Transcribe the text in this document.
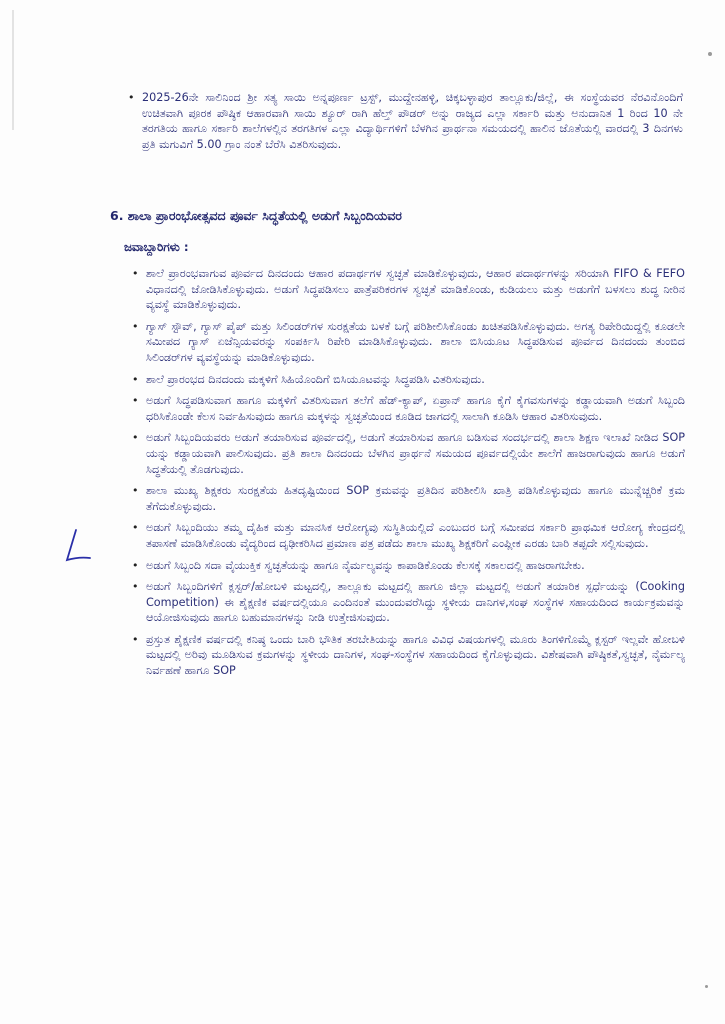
• 2025-26ನೇ ಸಾಲಿನಿಂದ ಶ್ರೀ ಸತ್ಯ ಸಾಯಿ ಅನ್ನಪೂರ್ಣ ಟ್ರಸ್ಟ್, ಮುದ್ದೇನಹಳ್ಳಿ, ಚಿಕ್ಕಬಳ್ಳಾಪುರ ತಾಲ್ಲೂಕು/ಜಿಲ್ಲೆ, ಈ ಸಂಸ್ಥೆಯವರ ನೆರವಿನೊಂದಿಗೆ ಉಚಿತವಾಗಿ ಪೂರಕ ಪೌಷ್ಠಿಕ ಆಹಾರವಾಗಿ ಸಾಯಿ ಶ್ಯೂರ್ ರಾಗಿ ಹೆಲ್ತ್ ಪೌಡರ್ ಅನ್ನು ರಾಜ್ಯದ ಎಲ್ಲಾ ಸರ್ಕಾರಿ ಮತ್ತು ಅನುದಾನಿತ 1 ರಿಂದ 10 ನೇ ತರಗತಿಯ ಹಾಗೂ ಸರ್ಕಾರಿ ಶಾಲೆಗಳಲ್ಲಿನ ತರಗತಿಗಳ ಎಲ್ಲಾ ವಿದ್ಯಾರ್ಥಿಗಳಿಗೆ ಬೆಳಗಿನ ಪ್ರಾರ್ಥನಾ ಸಮಯದಲ್ಲಿ ಹಾಲಿನ ಜೊತೆಯಲ್ಲಿ ವಾರದಲ್ಲಿ 3 ದಿನಗಳು ಪ್ರತಿ ಮಗುವಿಗೆ 5.00 ಗ್ರಾಂ ನಂತೆ ಬೆರೆಸಿ ವಿತರಿಸುವುದು.
6. ಶಾಲಾ ಪ್ರಾರಂಭೋತ್ಸವದ ಪೂರ್ವ ಸಿದ್ಧತೆಯಲ್ಲಿ ಅಡುಗೆ ಸಿಬ್ಬಂದಿಯವರ
ಜವಾಬ್ದಾರಿಗಳು :
• ಶಾಲೆ ಪ್ರಾರಂಭವಾಗುವ ಪೂರ್ವದ ದಿನದಂದು ಆಹಾರ ಪದಾರ್ಥಗಳ ಸ್ವಚ್ಛತೆ ಮಾಡಿಕೊಳ್ಳುವುದು, ಆಹಾರ ಪದಾರ್ಥಗಳನ್ನು ಸರಿಯಾಗಿ FIFO & FEFO ವಿಧಾನದಲ್ಲಿ ಜೋಡಿಸಿಕೊಳ್ಳುವುದು. ಅಡುಗೆ ಸಿದ್ಧಪಡಿಸಲು ಪಾತ್ರೆಪರಿಕರಗಳ ಸ್ವಚ್ಛತೆ ಮಾಡಿಕೊಂಡು, ಕುಡಿಯಲು ಮತ್ತು ಅಡುಗೆಗೆ ಬಳಸಲು ಶುದ್ಧ ನೀರಿನ ವ್ಯವಸ್ಥೆ ಮಾಡಿಕೊಳ್ಳುವುದು.
• ಗ್ಯಾಸ್ ಸ್ಟೌವ್, ಗ್ಯಾಸ್ ಪೈಪ್ ಮತ್ತು ಸಿಲಿಂಡರ್‌ಗಳ ಸುರಕ್ಷತೆಯ ಬಳಕೆ ಬಗ್ಗೆ ಪರಿಶೀಲಿಸಿಕೊಂಡು ಖಚಿತಪಡಿಸಿಕೊಳ್ಳುವುದು. ಅಗತ್ಯ ರಿಪೇರಿಯಿದ್ದಲ್ಲಿ ಕೂಡಲೇ ಸಮೀಪದ ಗ್ಯಾಸ್ ಏಜೆನ್ಸಿಯವರನ್ನು ಸಂಪರ್ಕಿಸಿ ರಿಪೇರಿ ಮಾಡಿಸಿಕೊಳ್ಳುವುದು. ಶಾಲಾ ಬಿಸಿಯೂಟ ಸಿದ್ಧಪಡಿಸುವ ಪೂರ್ವದ ದಿನದಂದು ತುಂಬಿದ ಸಿಲಿಂಡರ್‌ಗಳ ವ್ಯವಸ್ಥೆಯನ್ನು ಮಾಡಿಕೊಳ್ಳುವುದು.
• ಶಾಲೆ ಪ್ರಾರಂಭದ ದಿನದಂದು ಮಕ್ಕಳಿಗೆ ಸಿಹಿಯೊಂದಿಗೆ ಬಿಸಿಯೂಟವನ್ನು ಸಿದ್ಧಪಡಿಸಿ ವಿತರಿಸುವುದು.
• ಅಡುಗೆ ಸಿದ್ಧಪಡಿಸುವಾಗ ಹಾಗೂ ಮಕ್ಕಳಿಗೆ ವಿತರಿಸುವಾಗ ತಲೆಗೆ ಹೆಡ್-ಕ್ಯಾಪ್, ಏಪ್ರಾನ್ ಹಾಗೂ ಕೈಗೆ ಕೈಗವಸುಗಳನ್ನು ಕಡ್ಡಾಯವಾಗಿ ಅಡುಗೆ ಸಿಬ್ಬಂದಿ ಧರಿಸಿಕೊಂಡೇ ಕೆಲಸ ನಿರ್ವಹಿಸುವುದು ಹಾಗೂ ಮಕ್ಕಳನ್ನು ಸ್ವಚ್ಛತೆಯಿಂದ ಕೂಡಿದ ಜಾಗದಲ್ಲಿ ಸಾಲಾಗಿ ಕೂಡಿಸಿ ಆಹಾರ ವಿತರಿಸುವುದು.
• ಅಡುಗೆ ಸಿಬ್ಬಂದಿಯವರು ಅಡುಗೆ ತಯಾರಿಸುವ ಪೂರ್ವದಲ್ಲಿ, ಅಡುಗೆ ತಯಾರಿಸುವ ಹಾಗೂ ಬಡಿಸುವ ಸಂದರ್ಭದಲ್ಲಿ ಶಾಲಾ ಶಿಕ್ಷಣ ಇಲಾಖೆ ನೀಡಿದ SOP ಯನ್ನು ಕಡ್ಡಾಯವಾಗಿ ಪಾಲಿಸುವುದು. ಪ್ರತಿ ಶಾಲಾ ದಿನದಂದು ಬೆಳಗಿನ ಪ್ರಾರ್ಥನೆ ಸಮಯದ ಪೂರ್ವದಲ್ಲಿಯೇ ಶಾಲೆಗೆ ಹಾಜರಾಗುವುದು ಹಾಗೂ ಅಡುಗೆ ಸಿದ್ಧತೆಯಲ್ಲಿ ತೊಡಗುವುದು.
• ಶಾಲಾ ಮುಖ್ಯ ಶಿಕ್ಷಕರು ಸುರಕ್ಷತೆಯ ಹಿತದೃಷ್ಟಿಯಿಂದ SOP ಕ್ರಮವನ್ನು ಪ್ರತಿದಿನ ಪರಿಶೀಲಿಸಿ ಖಾತ್ರಿ ಪಡಿಸಿಕೊಳ್ಳುವುದು ಹಾಗೂ ಮುನ್ನೆಚ್ಚರಿಕೆ ಕ್ರಮ ತೆಗೆದುಕೊಳ್ಳುವುದು.
• ಅಡುಗೆ ಸಿಬ್ಬಂದಿಯು ತಮ್ಮ ದೈಹಿಕ ಮತ್ತು ಮಾನಸಿಕ ಆರೋಗ್ಯವು ಸುಸ್ಥಿತಿಯಲ್ಲಿದೆ ಎಂಬುದರ ಬಗ್ಗೆ ಸಮೀಪದ ಸರ್ಕಾರಿ ಪ್ರಾಥಮಿಕ ಆರೋಗ್ಯ ಕೇಂದ್ರದಲ್ಲಿ ತಪಾಸಣೆ ಮಾಡಿಸಿಕೊಂಡು ವೈದ್ಯರಿಂದ ದೃಢೀಕರಿಸಿದ ಪ್ರಮಾಣ ಪತ್ರ ಪಡೆದು ಶಾಲಾ ಮುಖ್ಯ ಶಿಕ್ಷಕರಿಗೆ ಎಂಪ್ಲೀಕ ಎರಡು ಬಾರಿ ತಪ್ಪದೇ ಸಲ್ಲಿಸುವುದು.
• ಅಡುಗೆ ಸಿಬ್ಬಂದಿ ಸದಾ ವೈಯುಕ್ತಿಕ ಸ್ವಚ್ಛತೆಯನ್ನು ಹಾಗೂ ನೈರ್ಮಲ್ಯವನ್ನು ಕಾಪಾಡಿಕೊಂಡು ಕೆಲಸಕ್ಕೆ ಸಕಾಲದಲ್ಲಿ ಹಾಜರಾಗಬೇಕು.
• ಅಡುಗೆ ಸಿಬ್ಬಂದಿಗಳಿಗೆ ಕ್ಲಸ್ಟರ್/ಹೋಬಳಿ ಮಟ್ಟದಲ್ಲಿ, ತಾಲ್ಲೂಕು ಮಟ್ಟದಲ್ಲಿ ಹಾಗೂ ಜಿಲ್ಲಾ ಮಟ್ಟದಲ್ಲಿ ಅಡುಗೆ ತಯಾರಿಕ ಸ್ಪರ್ಧೆಯನ್ನು (Cooking Competition) ಈ ಶೈಕ್ಷಣಿಕ ವರ್ಷದಲ್ಲಿಯೂ ಎಂದಿನಂತೆ ಮುಂದುವರೆಸಿದ್ದು ಸ್ಥಳೀಯ ದಾನಿಗಳ,ಸಂಘ ಸಂಸ್ಥೆಗಳ ಸಹಾಯದಿಂದ ಕಾರ್ಯಕ್ರಮವನ್ನು ಆಯೋಜಿಸುವುದು ಹಾಗೂ ಬಹುಮಾನಗಳನ್ನು ನೀಡಿ ಉತ್ತೇಜಿಸುವುದು.
• ಪ್ರಸ್ತುತ ಶೈಕ್ಷಣಿಕ ವರ್ಷದಲ್ಲಿ ಕನಿಷ್ಠ ಒಂದು ಬಾರಿ ಭೌತಿಕ ತರಬೇತಿಯನ್ನು ಹಾಗೂ ವಿವಿಧ ವಿಷಯಗಳಲ್ಲಿ ಮೂರು ತಿಂಗಳಿಗೊಮ್ಮೆ ಕ್ಲಸ್ಟರ್ ಇಲ್ಲವೇ ಹೋಬಳಿ ಮಟ್ಟದಲ್ಲಿ ಅರಿವು ಮೂಡಿಸುವ ಕ್ರಮಗಳನ್ನು ಸ್ಥಳೀಯ ದಾನಿಗಳ, ಸಂಘ-ಸಂಸ್ಥೆಗಳ ಸಹಾಯದಿಂದ ಕೈಗೊಳ್ಳುವುದು. ವಿಶೇಷವಾಗಿ ಪೌಷ್ಠಿಕತೆ,ಸ್ವಚ್ಛತೆ, ನೈರ್ಮಲ್ಯ ನಿರ್ವಹಣೆ ಹಾಗೂ SOP
